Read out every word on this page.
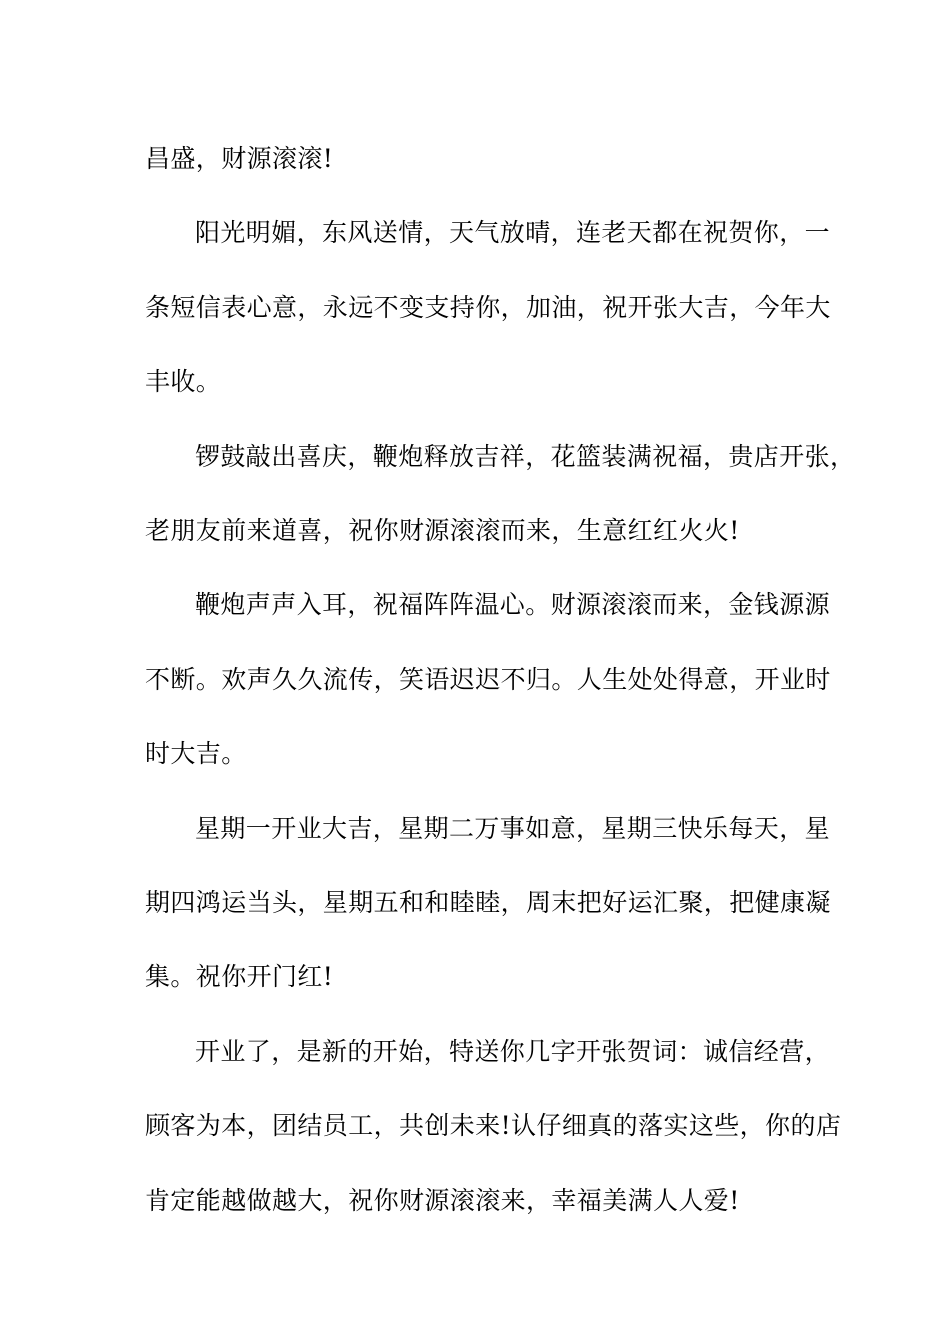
昌盛，财源滚滚!

阳光明媚，东风送情，天气放晴，连老天都在祝贺你，一
条短信表心意，永远不变支持你，加油，祝开张大吉，今年大
丰收。

锣鼓敲出喜庆，鞭炮释放吉祥，花篮装满祝福，贵店开张，
老朋友前来道喜，祝你财源滚滚而来，生意红红火火!

鞭炮声声入耳，祝福阵阵温心。财源滚滚而来，金钱源源
不断。欢声久久流传，笑语迟迟不归。人生处处得意，开业时
时大吉。

星期一开业大吉，星期二万事如意，星期三快乐每天，星
期四鸿运当头，星期五和和睦睦，周末把好运汇聚，把健康凝
集。祝你开门红!

开业了，是新的开始，特送你几字开张贺词：诚信经营，
顾客为本，团结员工，共创未来!认仔细真的落实这些，你的店
肯定能越做越大，祝你财源滚滚来，幸福美满人人爱!
